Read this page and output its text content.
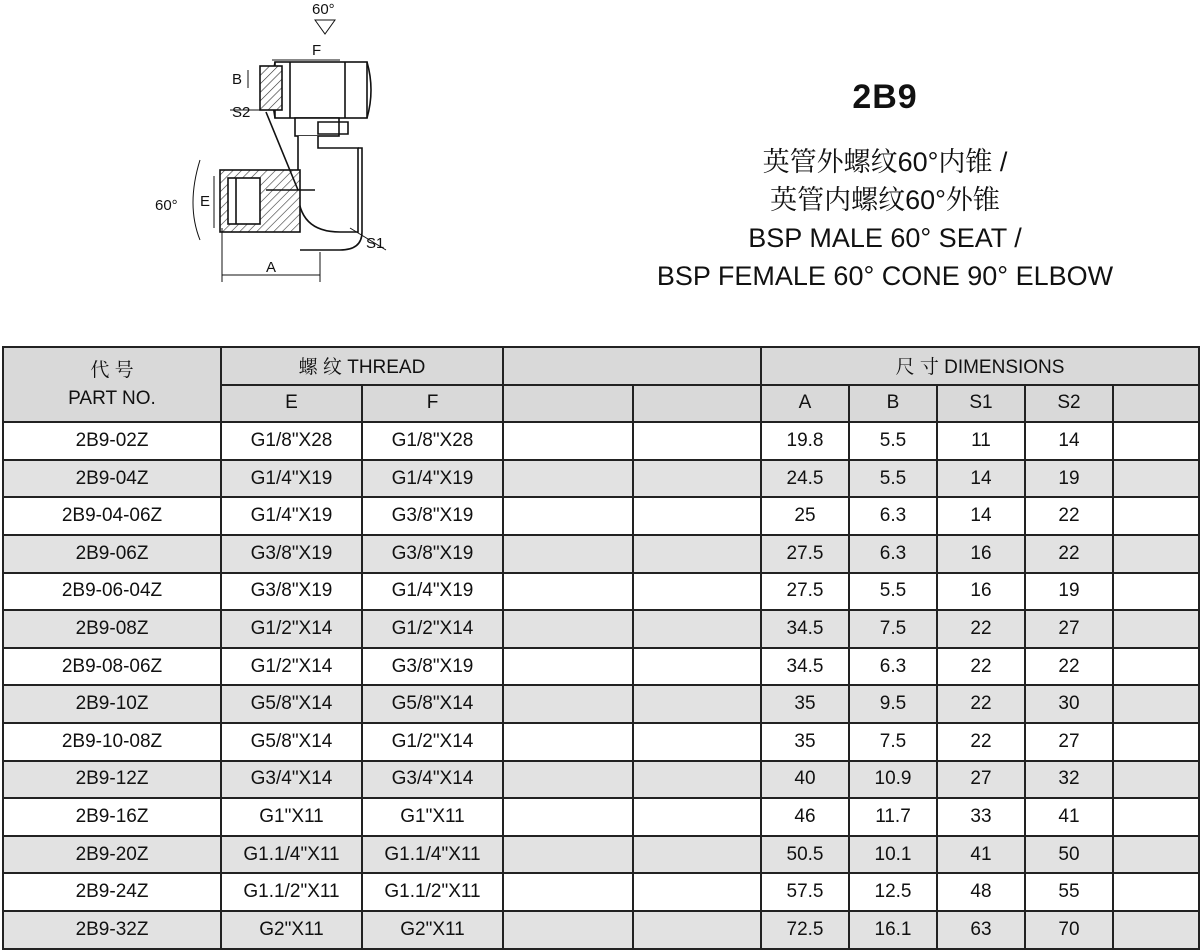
60°
60°
F
B
S2
E
S1
A
2B9
英管外螺纹60°内锥 /
英管内螺纹60°外锥
BSP MALE 60° SEAT /
BSP FEMALE 60° CONE 90° ELBOW
代 号
PART NO.	螺 纹 THREAD				尺 寸 DIMENSIONS				
	E	F			A	B	S1	S2	
2B9-02Z	G1/8"X28	G1/8"X28			19.8	5.5	11	14	
2B9-04Z	G1/4"X19	G1/4"X19			24.5	5.5	14	19	
2B9-04-06Z	G1/4"X19	G3/8"X19			25	6.3	14	22	
2B9-06Z	G3/8"X19	G3/8"X19			27.5	6.3	16	22	
2B9-06-04Z	G3/8"X19	G1/4"X19			27.5	5.5	16	19	
2B9-08Z	G1/2"X14	G1/2"X14			34.5	7.5	22	27	
2B9-08-06Z	G1/2"X14	G3/8"X19			34.5	6.3	22	22	
2B9-10Z	G5/8"X14	G5/8"X14			35	9.5	22	30	
2B9-10-08Z	G5/8"X14	G1/2"X14			35	7.5	22	27	
2B9-12Z	G3/4"X14	G3/4"X14			40	10.9	27	32	
2B9-16Z	G1"X11	G1"X11			46	11.7	33	41	
2B9-20Z	G1.1/4"X11	G1.1/4"X11			50.5	10.1	41	50	
2B9-24Z	G1.1/2"X11	G1.1/2"X11			57.5	12.5	48	55	
2B9-32Z	G2"X11	G2"X11			72.5	16.1	63	70	
